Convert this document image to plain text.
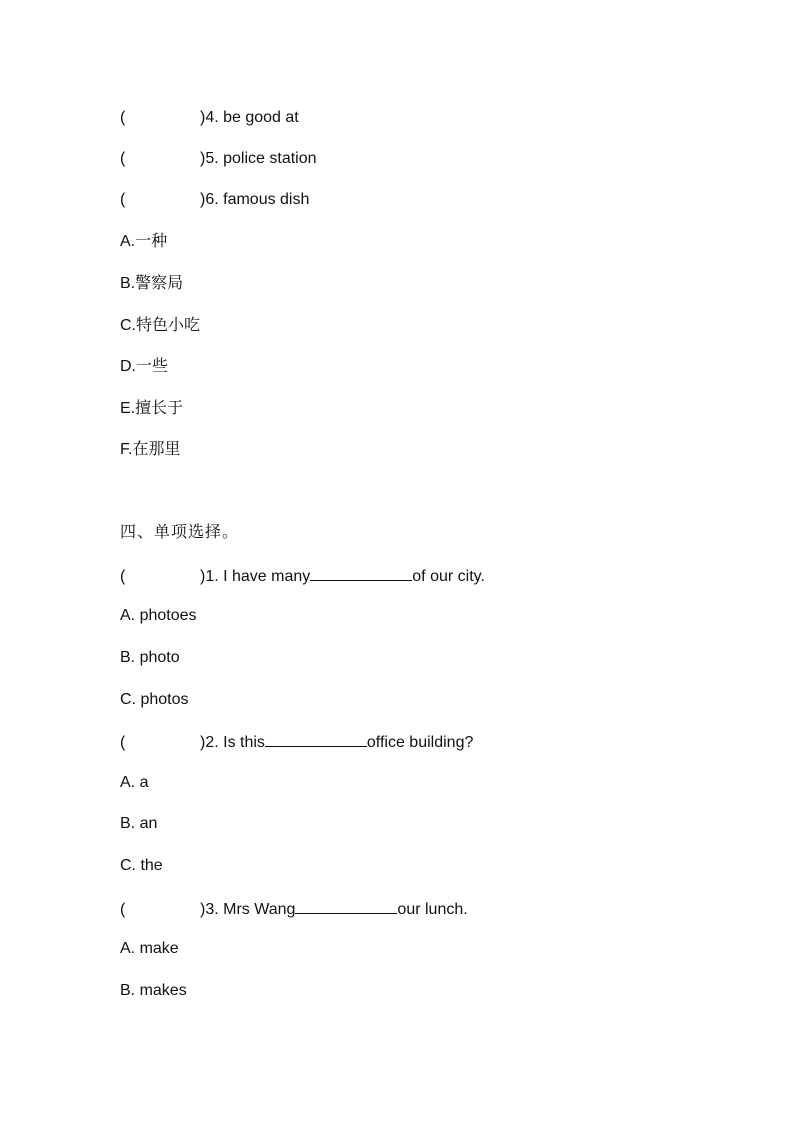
(	)4. be good at
(	)5. police station
(	)6. famous dish
A.一种
B.警察局
C.特色小吃
D.一些
E.擅长于
F.在那里
四、单项选择。
(	)1. I have many	of our city.
A. photoes
B. photo
C. photos
(	)2. Is this	office building?
A. a
B. an
C. the
(	)3. Mrs Wang	our lunch.
A. make
B. makes
